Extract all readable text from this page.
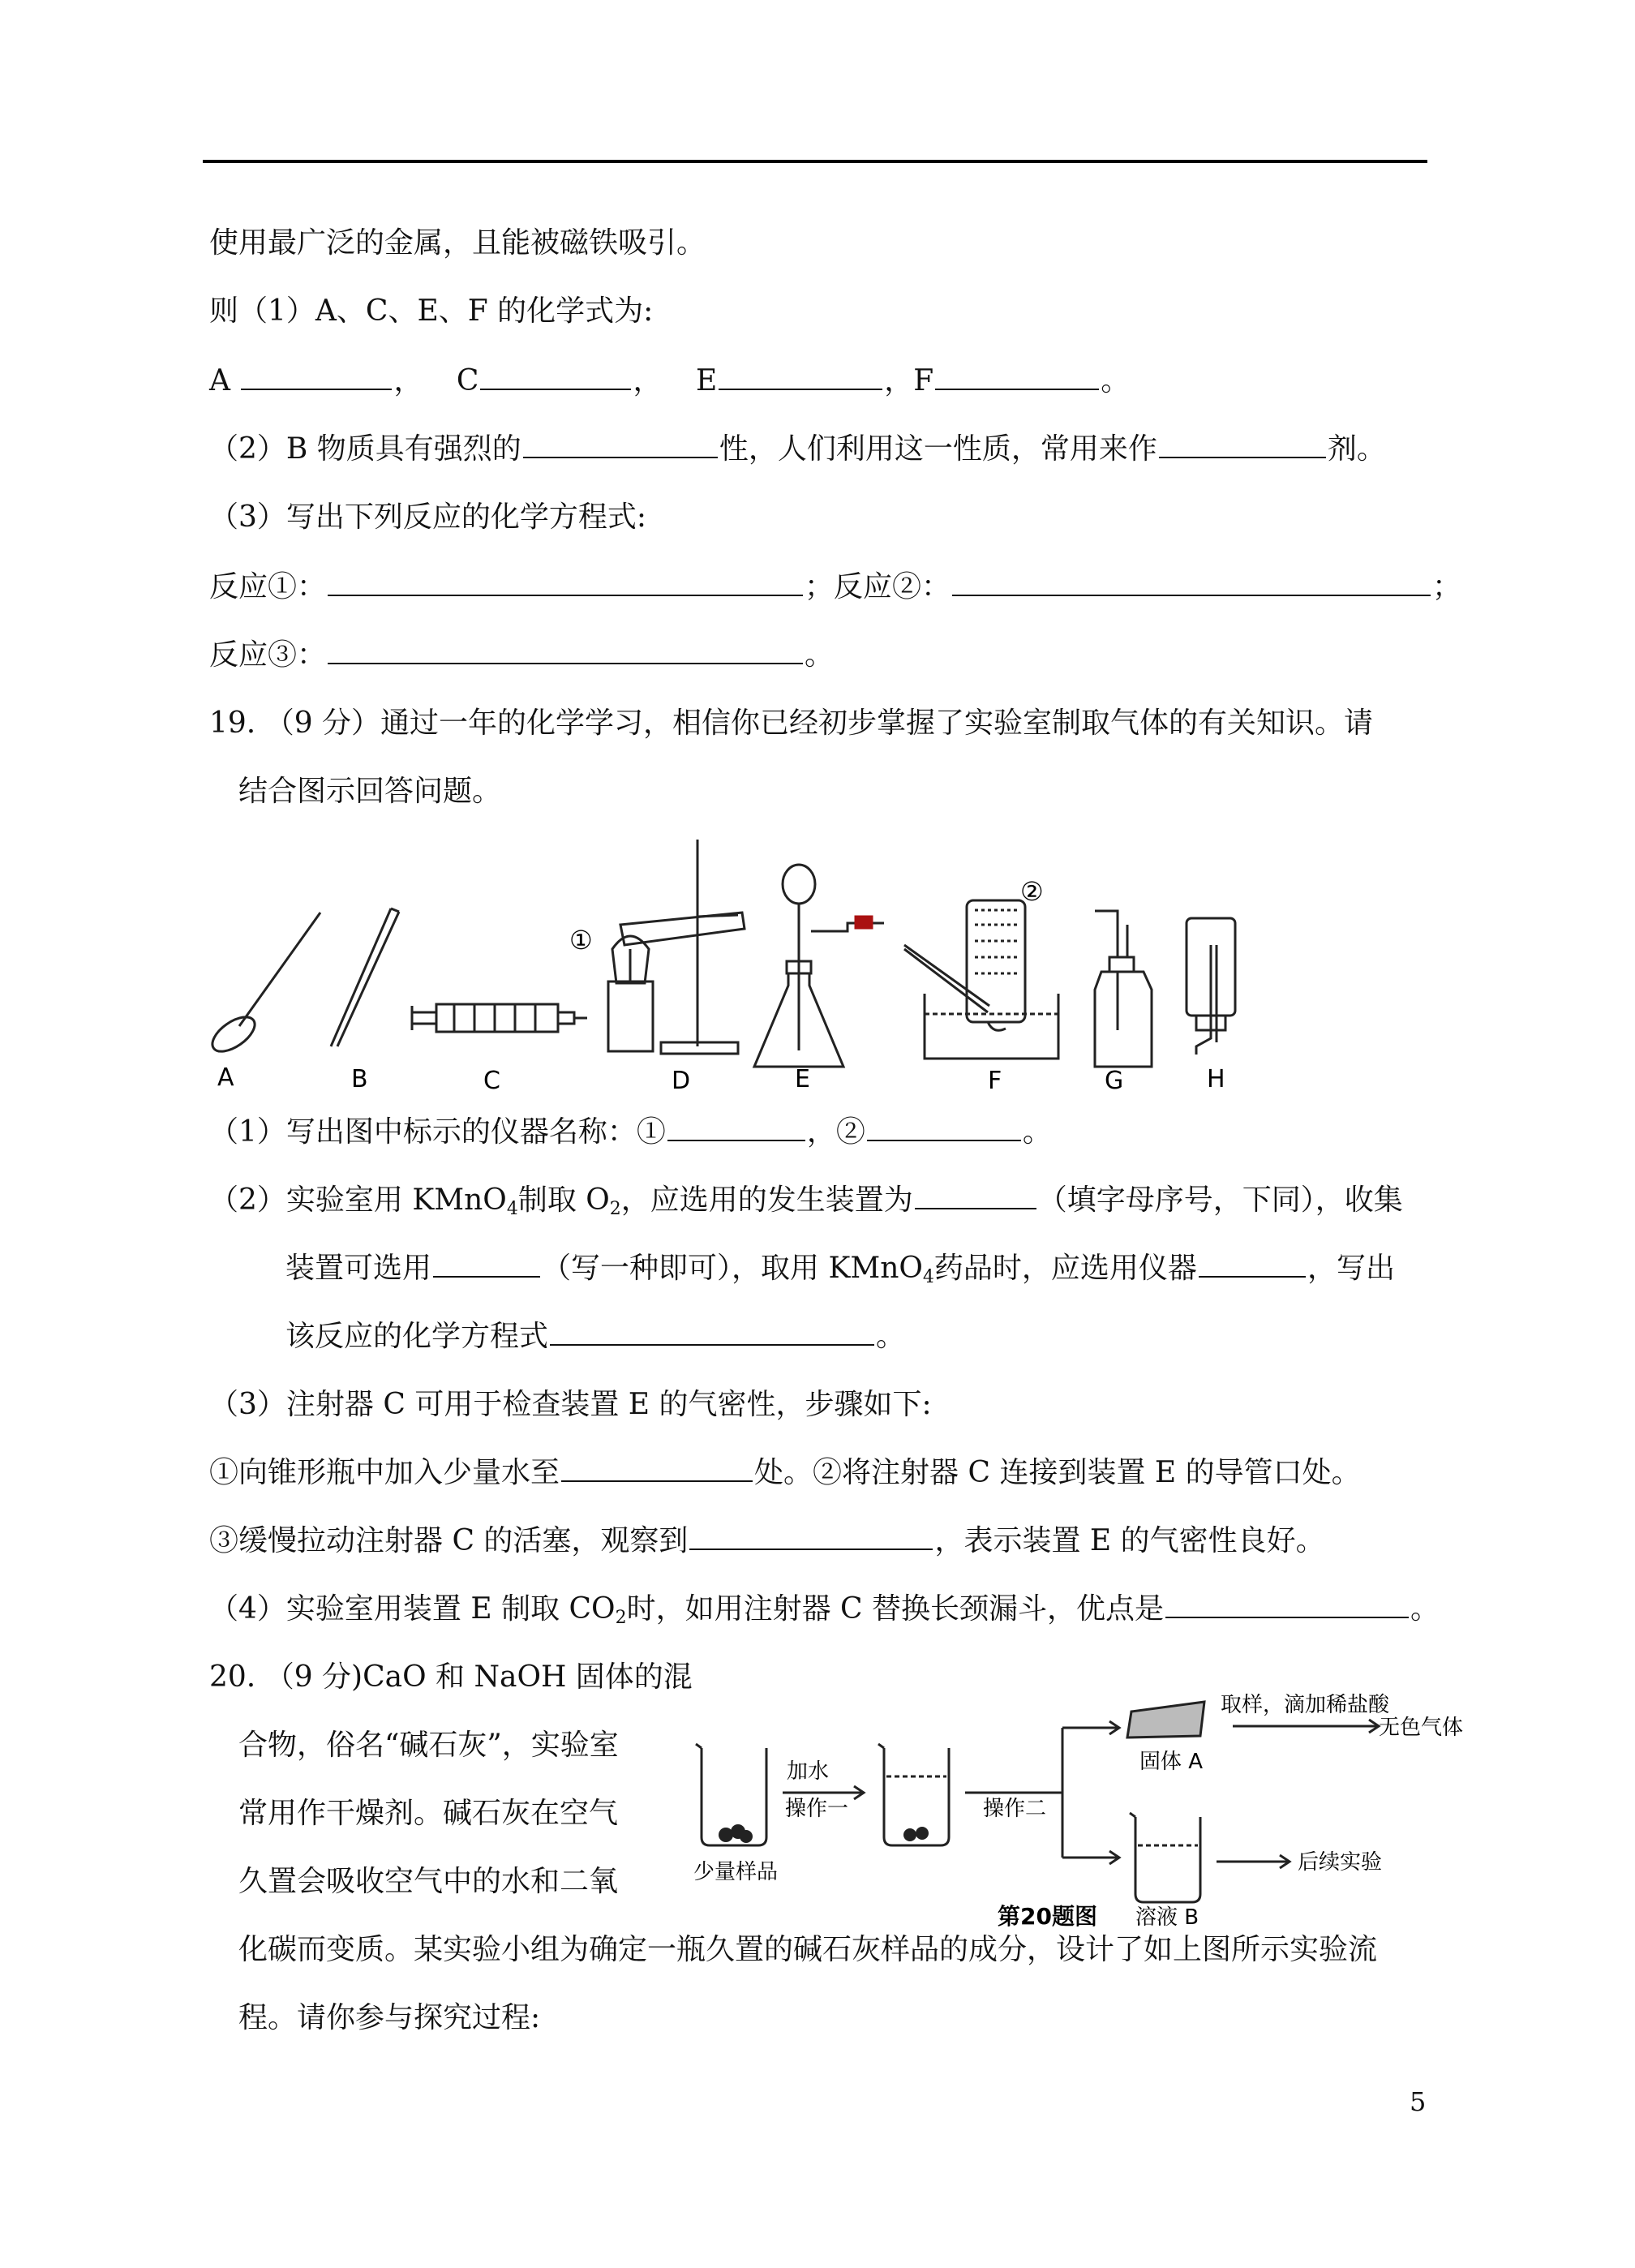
使用最广泛的金属，且能被磁铁吸引。
则（1）A、C、E、F 的化学式为:
A	， C	， E	，F	。
（2）B 物质具有强烈的	性，人们利用这一性质，常用来作	剂。
（3）写出下列反应的化学方程式:
反应①：	；反应②：	；
反应③：	。
19. （9 分）通过一年的化学学习，相信你已经初步掌握了实验室制取气体的有关知识。请
结合图示回答问题。
A	B	C	D	E	F	G	H
①
②
（1）写出图中标示的仪器名称：①	，②	。
（2）实验室用 KMnO$_4$制取 $O_2$，应选用的发生装置为	（填字母序号，下同），收集
装置可选用	（写一种即可），取用 KMnO$_4$药品时，应选用仪器	，写出
该反应的化学方程式	。
（3）注射器 C 可用于检查装置 E 的气密性，步骤如下:
①向锥形瓶中加入少量水至	处。②将注射器 C 连接到装置 E 的导管口处。
③缓慢拉动注射器 C 的活塞，观察到	，表示装置 E 的气密性良好。
（4）实验室用装置 E 制取 $CO_2$时，如用注射器 C 替换长颈漏斗，优点是	。
20. （9 分)CaO 和 NaOH 固体的混
合物，俗名“碱石灰”，实验室
常用作干燥剂。碱石灰在空气
久置会吸收空气中的水和二氧
化碳而变质。某实验小组为确定一瓶久置的碱石灰样品的成分，设计了如上图所示实验流
程。请你参与探究过程:
加水
操作一	操作二
少量样品
取样，滴加稀盐酸
无色气体
固体 A
溶液 B
后续实验
第20题图
5
